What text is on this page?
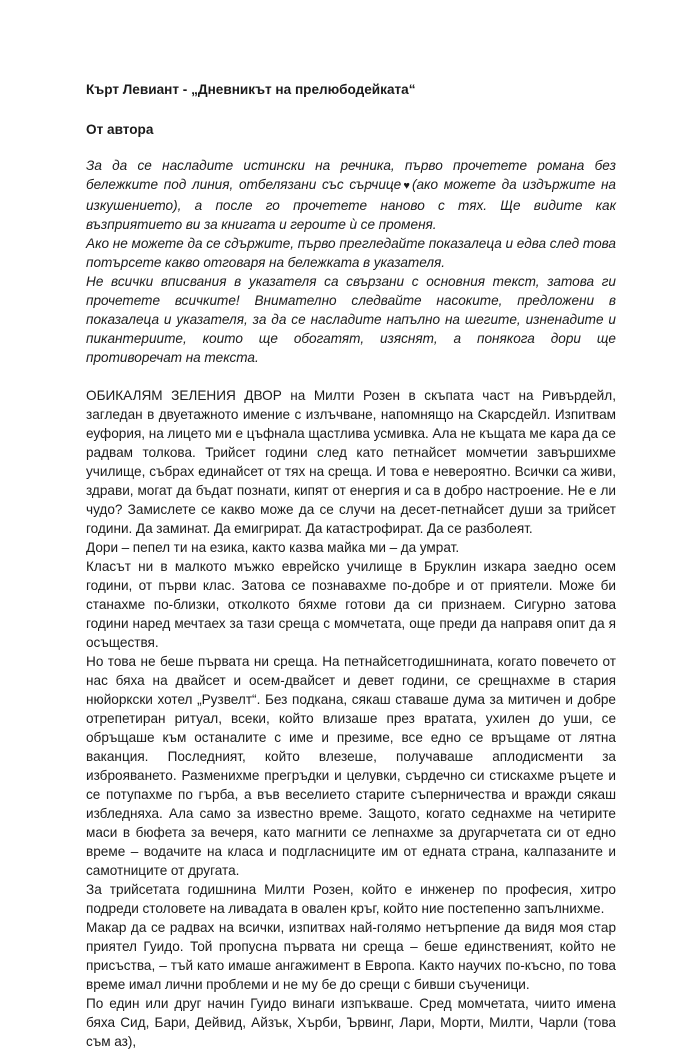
Кърт Левиант - „Дневникът на прелюбодейката“
От автора

За да се насладите истински на речника, първо прочетете романа без бележките под линия, отбелязани със сърчице♥(ако можете да издържите на изкушението), а после го прочетете наново с тях. Ще видите как възприятието ви за книгата и героите ѝ се променя.

Ако не можете да се сдържите, първо прегледайте показалеца и едва след това потърсете какво отговаря на бележката в указателя.

Не всички вписвания в указателя са свързани с основния текст, затова ги прочетете всичките! Внимателно следвайте насоките, предложени в показалеца и указателя, за да се насладите напълно на шегите, изненадите и пикантериите, които ще обогатят, изяснят, а понякога дори ще противоречат на текста.

ОБИКАЛЯМ ЗЕЛЕНИЯ ДВОР на Милти Розен в скъпата част на Ривърдейл, загледан в двуетажното имение с излъчване, напомнящо на Скарсдейл. Изпитвам еуфория, на лицето ми е цъфнала щастлива усмивка. Ала не къщата ме кара да се радвам толкова. Трийсет години след като петнайсет момчетии завършихме училище, събрах единайсет от тях на среща. И това е невероятно. Всички са живи, здрави, могат да бъдат познати, кипят от енергия и са в добро настроение. Не е ли чудо? Замислете се какво може да се случи на десет-петнайсет души за трийсет години. Да заминат. Да емигрират. Да катастрофират. Да се разболеят.

Дори – пепел ти на езика, както казва майка ми – да умрат.

Класът ни в малкото мъжко еврейско училище в Бруклин изкара заедно осем години, от първи клас. Затова се познавахме по-добре и от приятели. Може би станахме по-близки, отколкото бяхме готови да си признаем. Сигурно затова години наред мечтаех за тази среща с момчетата, още преди да направя опит да я осъществя.

Но това не беше първата ни среща. На петнайсетгодишнината, когато повечето от нас бяха на двайсет и осем-двайсет и девет години, се срещнахме в стария нюйоркски хотел „Рузвелт“. Без подкана, сякаш ставаше дума за митичен и добре отрепетиран ритуал, всеки, който влизаше през вратата, ухилен до уши, се обръщаше към останалите с име и презиме, все едно се връщаме от лятна ваканция. Последният, който влезеше, получаваше аплодисменти за изброяването. Разменихме прегръдки и целувки, сърдечно си стискахме ръцете и се потупахме по гърба, а във веселието старите съперничества и вражди сякаш избледняха. Ала само за известно време. Защото, когато седнахме на четирите маси в бюфета за вечеря, като магнити се лепнахме за другарчетата си от едно време – водачите на класа и подгласниците им от едната страна, калпазаните и самотниците от другата.

За трийсетата годишнина Милти Розен, който е инженер по професия, хитро подреди столовете на ливадата в овален кръг, който ние постепенно запълнихме.

Макар да се радвах на всички, изпитвах най-голямо нетърпение да видя моя стар приятел Гуидо. Той пропусна първата ни среща – беше единственият, който не присъства, – тъй като имаше ангажимент в Европа. Както научих по-късно, по това време имал лични проблеми и не му бе до срещи с бивши съученици.

По един или друг начин Гуидо винаги изпъкваше. Сред момчетата, чиито имена бяха Сид, Бари, Дейвид, Айзък, Хърби, Ървинг, Лари, Морти, Милти, Чарли (това съм аз),
